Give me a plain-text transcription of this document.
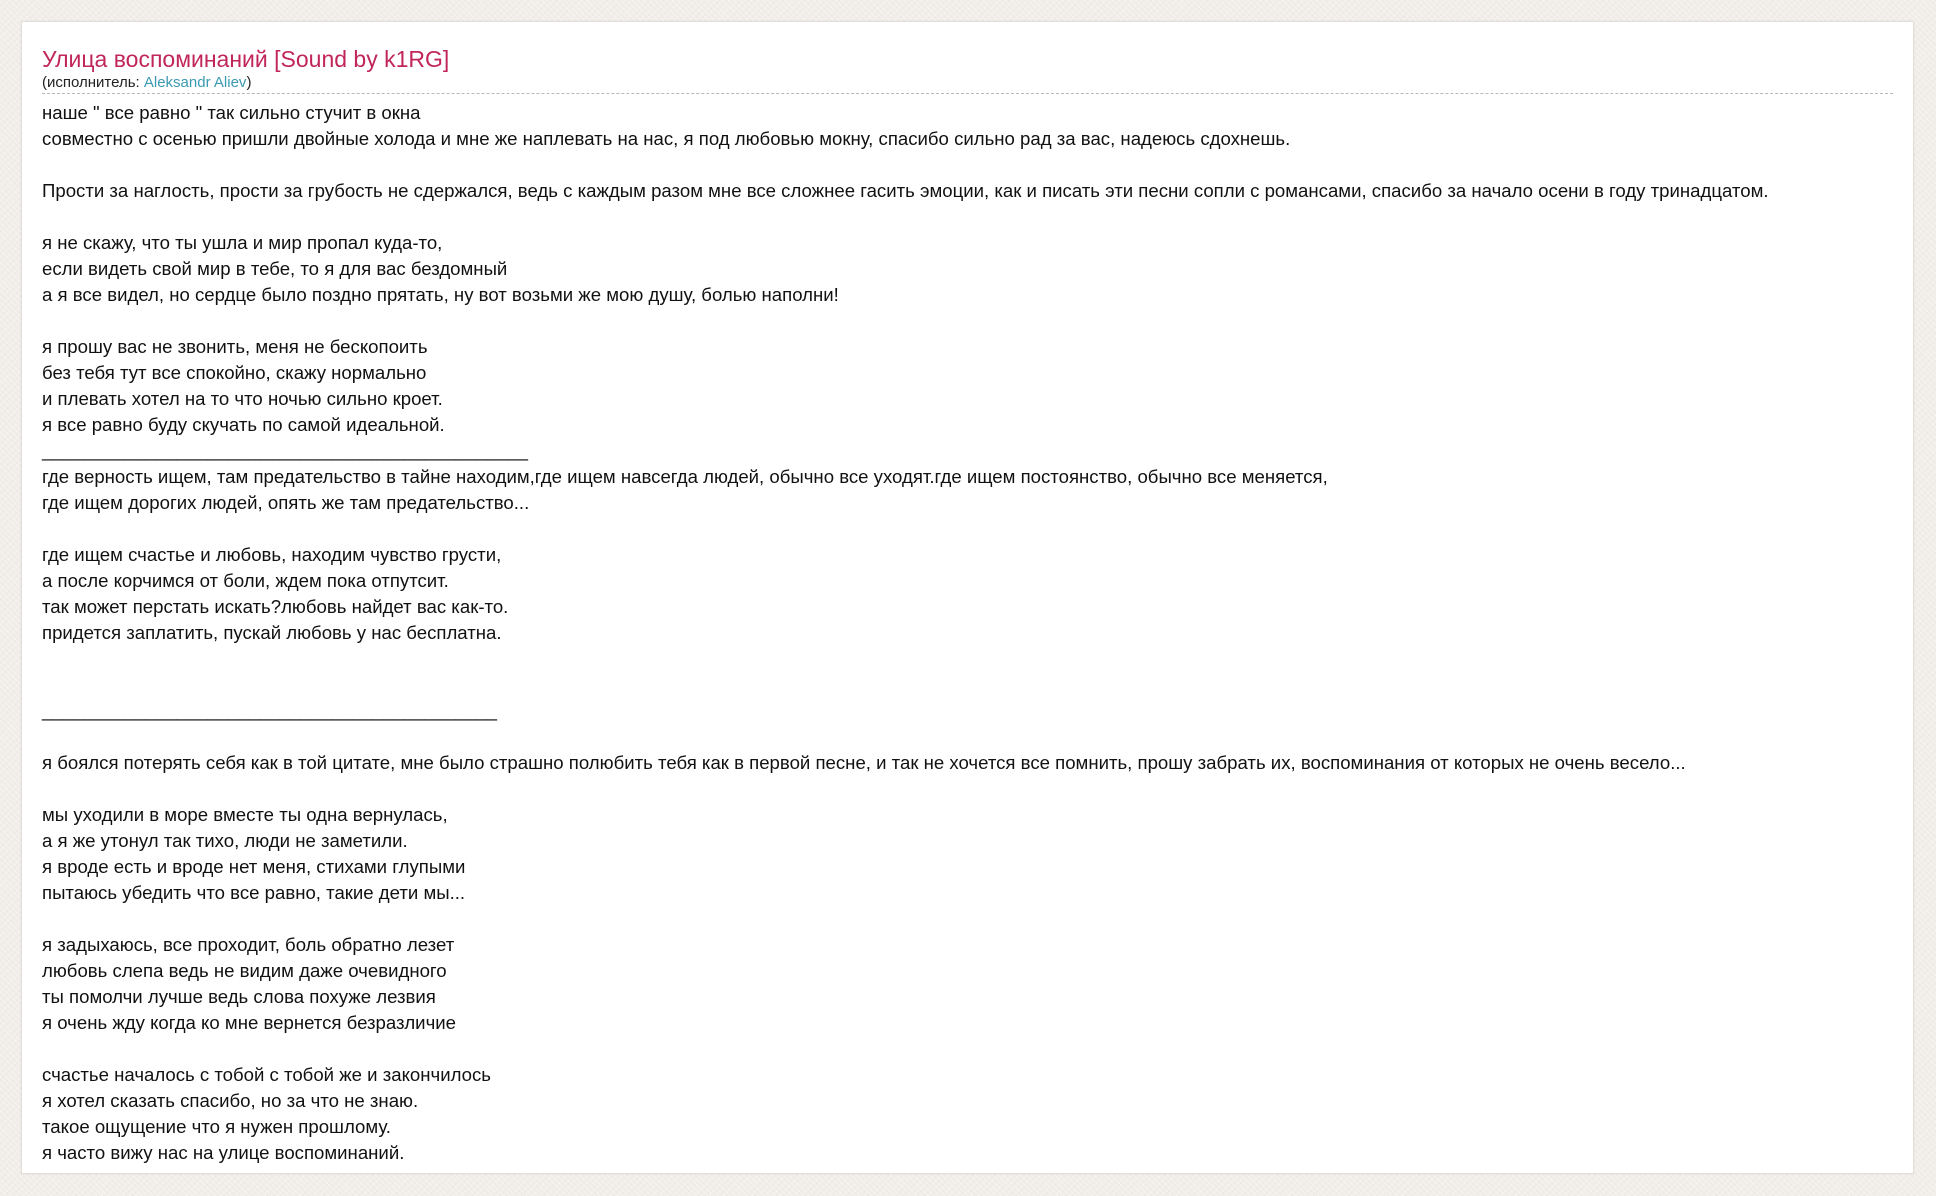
Улица воспоминаний [Sound by k1RG]
(исполнитель: Aleksandr Aliev)
наше " все равно " так сильно стучит в окна
совместно с осенью пришли двойные холода и мне же наплевать на нас, я под любовью мокну, спасибо сильно рад за вас, надеюсь сдохнешь.
Прости за наглость, прости за грубость не сдержался, ведь с каждым разом мне все сложнее гасить эмоции, как и писать эти песни сопли с романсами, спасибо за начало осени в году тринадцатом.
я не скажу, что ты ушла и мир пропал куда-то,
если видеть свой мир в тебе, то я для вас бездомный
а я все видел, но сердце было поздно прятать, ну вот возьми же мою душу, болью наполни!
я прошу вас не звонить, меня не бескопоить
без тебя тут все спокойно, скажу нормально
и плевать хотел на то что ночью сильно кроет.
я все равно буду скучать по самой идеальной.
_______________________________________________
где верность ищем, там предательство в тайне находим,где ищем навсегда людей, обычно все уходят.где ищем постоянство, обычно все меняется,
где ищем дорогих людей, опять же там предательство...
где ищем счастье и любовь, находим чувство грусти,
а после корчимся от боли, ждем пока отпутсит.
так может перстать искать?любовь найдет вас как-то.
придется заплатить, пускай любовь у нас бесплатна.
____________________________________________
я боялся потерять себя как в той цитате, мне было страшно полюбить тебя как в первой песне, и так не хочется все помнить, прошу забрать их, воспоминания от которых не очень весело...
мы уходили в море вместе ты одна вернулась,
а я же утонул так тихо, люди не заметили.
я вроде есть и вроде нет меня, стихами глупыми
пытаюсь убедить что все равно, такие дети мы...
я задыхаюсь, все проходит, боль обратно лезет
любовь слепа ведь не видим даже очевидного
ты помолчи лучше ведь слова похуже лезвия
я очень жду когда ко мне вернется безразличие
счастье началось с тобой с тобой же и закончилось
я хотел сказать спасибо, но за что не знаю.
такое ощущение что я нужен прошлому.
я часто вижу нас на улице воспоминаний.
